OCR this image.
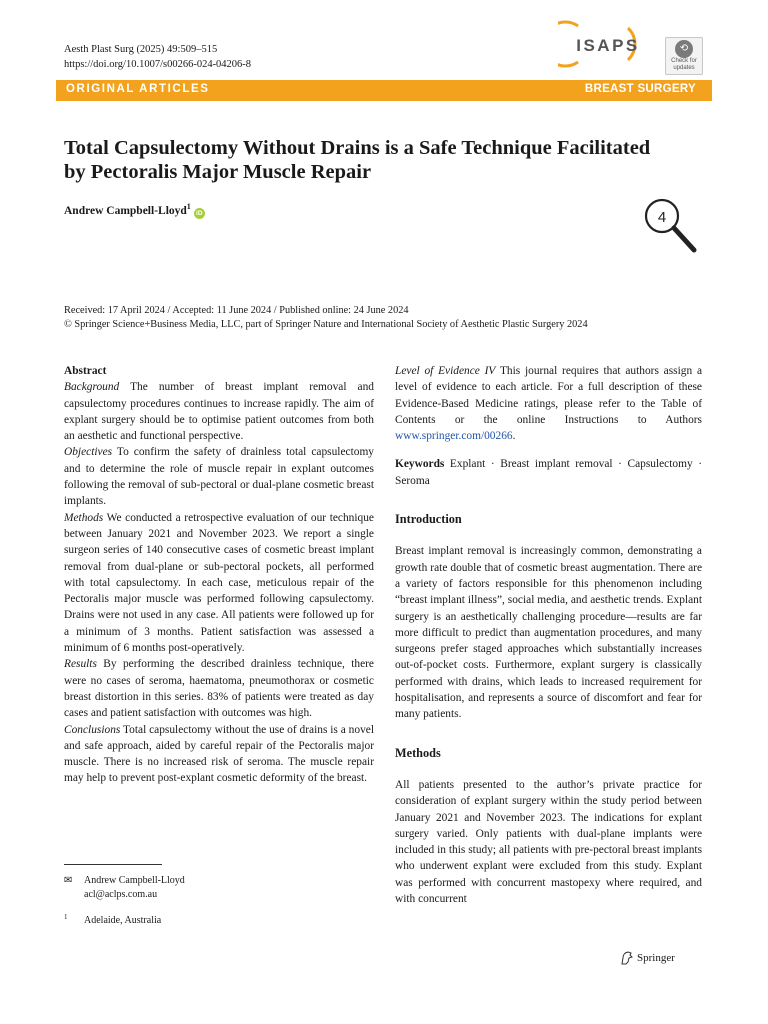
Aesth Plast Surg (2025) 49:509–515
https://doi.org/10.1007/s00266-024-04206-8
ISAPS	⟲
Check for
updates
ORIGINAL ARTICLES	BREAST SURGERY
Total Capsulectomy Without Drains is a Safe Technique Facilitated by Pectoralis Major Muscle Repair
Andrew Campbell-Lloyd$^1$iD	4
Received: 17 April 2024 / Accepted: 11 June 2024 / Published online: 24 June 2024
© Springer Science+Business Media, LLC, part of Springer Nature and International Society of Aesthetic Plastic Surgery 2024

Abstract

Background The number of breast implant removal and capsulectomy procedures continues to increase rapidly. The aim of explant surgery should be to optimise patient outcomes from both an aesthetic and functional perspective.

Objectives To confirm the safety of drainless total capsulectomy and to determine the role of muscle repair in explant outcomes following the removal of sub-pectoral or dual-plane cosmetic breast implants.

Methods We conducted a retrospective evaluation of our technique between January 2021 and November 2023. We report a single surgeon series of 140 consecutive cases of cosmetic breast implant removal from dual-plane or sub-pectoral pockets, all performed with total capsulectomy. In each case, meticulous repair of the Pectoralis major muscle was performed following capsulectomy. Drains were not used in any case. All patients were followed up for a minimum of 3 months. Patient satisfaction was assessed a minimum of 6 months post-operatively.

Results By performing the described drainless technique, there were no cases of seroma, haematoma, pneumothorax or cosmetic breast distortion in this series. 83% of patients were treated as day cases and patient satisfaction with outcomes was high.

Conclusions Total capsulectomy without the use of drains is a novel and safe approach, aided by careful repair of the Pectoralis major muscle. There is no increased risk of seroma. The muscle repair may help to prevent post-explant cosmetic deformity of the breast.

Level of Evidence IV This journal requires that authors assign a level of evidence to each article. For a full description of these Evidence-Based Medicine ratings, please refer to the Table of Contents or the online Instructions to Authors www.springer.com/00266.

Keywords Explant · Breast implant removal · Capsulectomy · Seroma

Introduction

Breast implant removal is increasingly common, demonstrating a growth rate double that of cosmetic breast augmentation. There are a variety of factors responsible for this phenomenon including “breast implant illness”, social media, and aesthetic trends. Explant surgery is an aesthetically challenging procedure—results are far more difficult to predict than augmentation procedures, and many surgeons prefer staged approaches which substantially increases out-of-pocket costs. Furthermore, explant surgery is classically performed with drains, which leads to increased requirement for hospitalisation, and represents a source of discomfort and fear for many patients.

Methods

All patients presented to the author’s private practice for consideration of explant surgery within the study period between January 2021 and November 2023. The indications for explant surgery varied. Only patients with dual-plane implants were included in this study; all patients with pre-pectoral breast implants who underwent explant were excluded from this study. Explant was performed with concurrent mastopexy where required, and with concurrent

✉ Andrew Campbell-Lloyd
acl@aclps.com.au
$^1$ Adelaide, Australia
Springer
